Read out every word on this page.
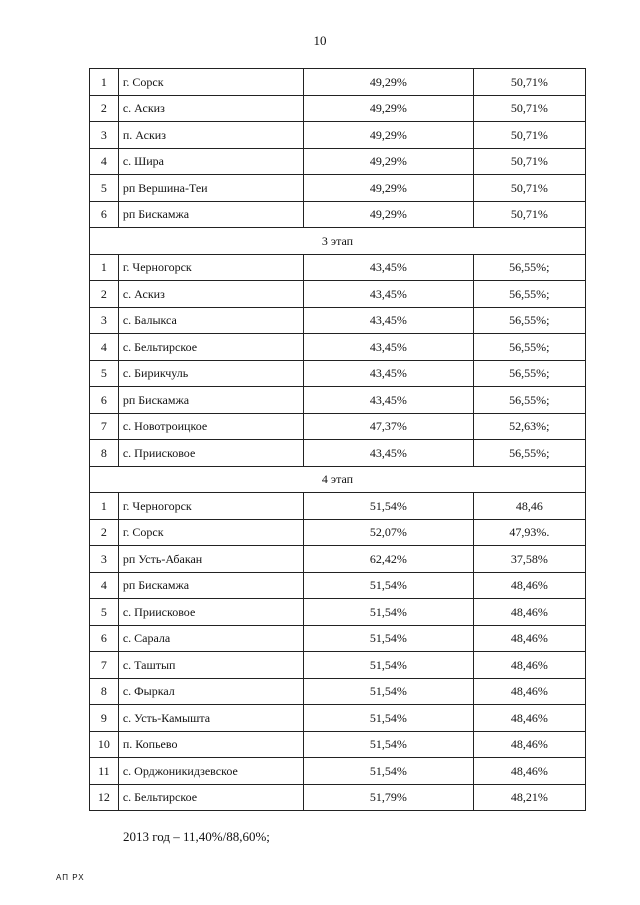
10
1	г. Сорск	49,29%	50,71%
2	с. Аскиз	49,29%	50,71%
3	п. Аскиз	49,29%	50,71%
4	с. Шира	49,29%	50,71%
5	рп Вершина-Теи	49,29%	50,71%
6	рп Бискамжа	49,29%	50,71%
3 этап			
1	г. Черногорск	43,45%	56,55%;
2	с. Аскиз	43,45%	56,55%;
3	с. Балыкса	43,45%	56,55%;
4	с. Бельтирское	43,45%	56,55%;
5	с. Бирикчуль	43,45%	56,55%;
6	рп Бискамжа	43,45%	56,55%;
7	с. Новотроицкое	47,37%	52,63%;
8	с. Приисковое	43,45%	56,55%;
4 этап			
1	г. Черногорск	51,54%	48,46
2	г. Сорск	52,07%	47,93%.
3	рп Усть-Абакан	62,42%	37,58%
4	рп Бискамжа	51,54%	48,46%
5	с. Приисковое	51,54%	48,46%
6	с. Сарала	51,54%	48,46%
7	с. Таштып	51,54%	48,46%
8	с. Фыркал	51,54%	48,46%
9	с. Усть-Камышта	51,54%	48,46%
10	п. Копьево	51,54%	48,46%
11	с. Орджоникидзевское	51,54%	48,46%
12	с. Бельтирское	51,79%	48,21%
2013 год – 11,40%/88,60%;
АП РХ
